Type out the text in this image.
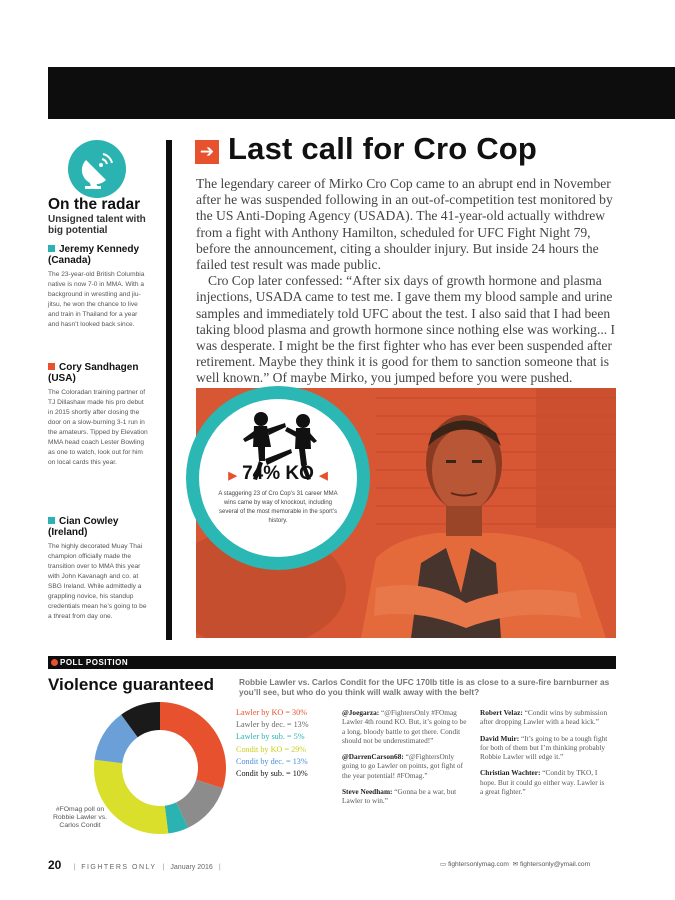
On the radar
Unsigned talent with big potential
Jeremy Kennedy (Canada)
The 23-year-old British Columbia native is now 7-0 in MMA. With a background in wrestling and jiu-jitsu, he won the chance to live and train in Thailand for a year and hasn’t looked back since.
Cory Sandhagen (USA)
The Coloradan training partner of TJ Dillashaw made his pro debut in 2015 shortly after closing the door on a slow-burning 3-1 run in the amateurs. Tipped by Elevation MMA head coach Lester Bowling as one to watch, look out for him on local cards this year.
Cian Cowley (Ireland)
The highly decorated Muay Thai champion officially made the transition over to MMA this year with John Kavanagh and co. at SBG Ireland. While admittedly a grappling novice, his standup credentials mean he’s going to be a threat from day one.
➔ Last call for Cro Cop

The legendary career of Mirko Cro Cop came to an abrupt end in November after he was suspended following in an out-of-competition test monitored by the US Anti-Doping Agency (USADA). The 41-year-old actually withdrew from a fight with Anthony Hamilton, scheduled for UFC Fight Night 79, before the announcement, citing a shoulder injury. But inside 24 hours the failed test result was made public.

Cro Cop later confessed: “After six days of growth hormone and plasma injections, USADA came to test me. I gave them my blood sample and urine samples and immediately told UFC about the test. I also said that I had been taking blood plasma and growth hormone since nothing else was working... I was desperate. I might be the first fighter who has ever been suspended after retirement. Maybe they think it is good for them to sanction someone that is well known.” Of maybe Mirko, you jumped before you were pushed.

▶ 74% KO ◀
A staggering 23 of Cro Cop’s 31 career MMA wins came by way of knockout, including several of the most memorable in the sport’s history.
POLL POSITION
Violence guaranteed	Robbie Lawler vs. Carlos Condit for the UFC 170lb title is as close to a sure-fire barnburner as you’ll see, but who do you think will walk away with the belt?
#FOmag poll on Robbie Lawler vs. Carlos Condit
Lawler by KO = 30%
Lawler by dec. = 13%
Lawler by sub. = 5%
Condit by KO = 29%
Condit by dec. = 13%
Condit by sub. = 10%
@Joegarza: “@FightersOnly #FOmag Lawler 4th round KO. But, it’s going to be a long, bloody battle to get there. Condit should not be underestimated!”
@DarrenCarson68: “@FightersOnly going to go Lawler on points, got fight of the year potential! #FOmag.”
Steve Needham: “Gonna be a war, but Lawler to win.”
Robert Velaz: “Condit wins by submission after dropping Lawler with a head kick.”
David Muir: “It’s going to be a tough fight for both of them but I’m thinking probably Robbie Lawler will edge it.”
Christian Wachter: “Condit by TKO, I hope. But it could go either way. Lawler is a great fighter.”
20 | FIGHTERS ONLY | January 2016 |	▭ fightersonlymag.com ✉ fightersonly@ymail.com
